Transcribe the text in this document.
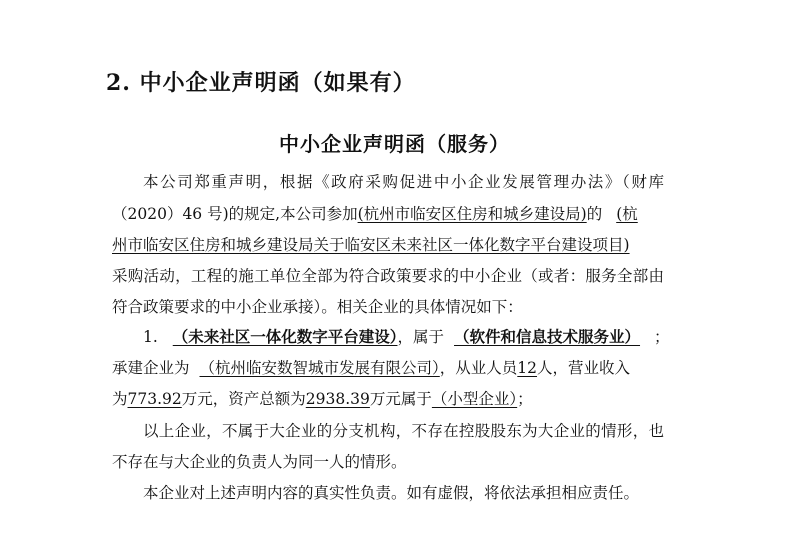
2. 中小企业声明函（如果有）
中小企业声明函（服务）
本公司郑重声明，根据《政府采购促进中小企业发展管理办法》（财库
（2020）46 号)的规定,本公司参加(杭州市临安区住房和城乡建设局)的 (杭
州市临安区住房和城乡建设局关于临安区未来社区一体化数字平台建设项目)
采购活动，工程的施工单位全部为符合政策要求的中小企业（或者：服务全部由
符合政策要求的中小企业承接）。相关企业的具体情况如下：
1. （未来社区一体化数字平台建设），属于 （软件和信息技术服务业） ；
承建企业为 （杭州临安数智城市发展有限公司），从业人员12人，营业收入
为773.92万元，资产总额为2938.39万元属于（小型企业）；
以上企业，不属于大企业的分支机构，不存在控股股东为大企业的情形，也
不存在与大企业的负责人为同一人的情形。
本企业对上述声明内容的真实性负责。如有虚假，将依法承担相应责任。
